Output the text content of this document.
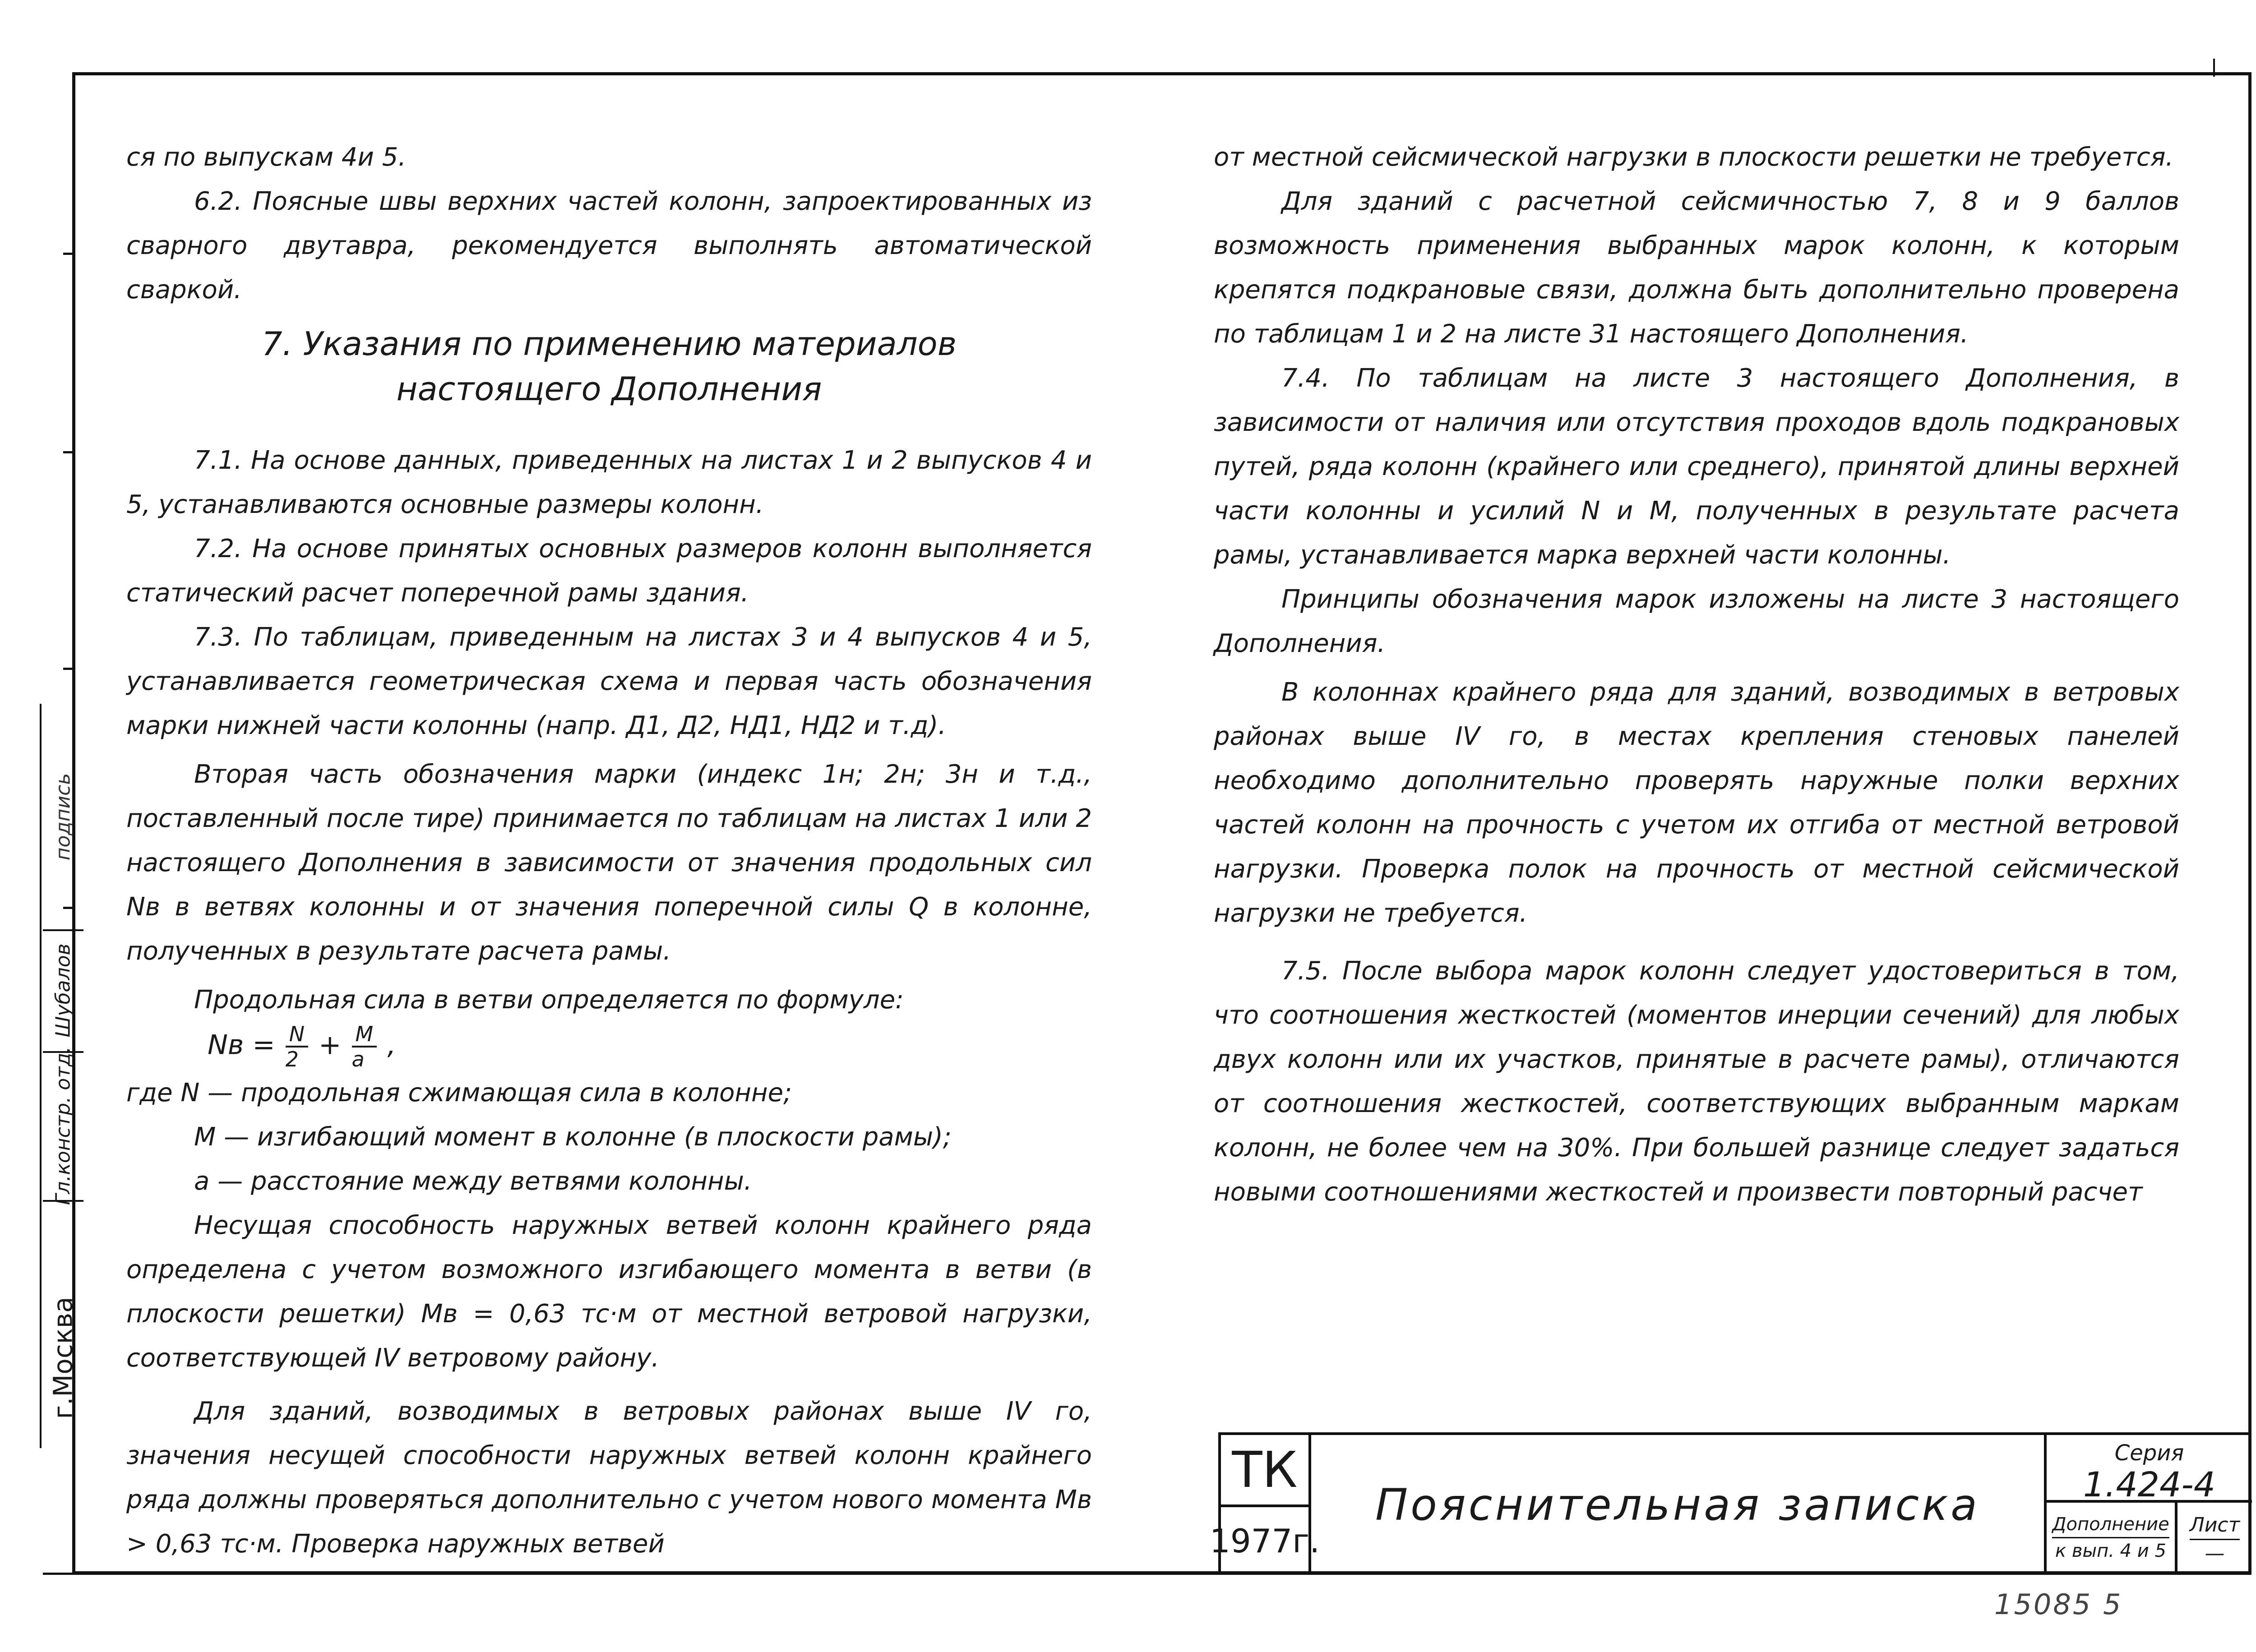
ся по выпускам 4и 5.

6.2. Поясные швы верхних частей колонн, запроектированных из сварного двутавра, рекомендуется выполнять автоматической сваркой.

7. Указания по применению материалов
настоящего Дополнения

7.1. На основе данных, приведенных на листах 1 и 2 выпусков 4 и 5, устанавливаются основные размеры колонн.

7.2. На основе принятых основных размеров колонн выполняется статический расчет поперечной рамы здания.

7.3. По таблицам, приведенным на листах 3 и 4 выпусков 4 и 5, устанавливается геометрическая схема и первая часть обозначения марки нижней части колонны (напр. Д1, Д2, НД1, НД2 и т.д).

Вторая часть обозначения марки (индекс 1н; 2н; 3н и т.д., поставленный после тире) принимается по таблицам на листах 1 или 2 настоящего Дополнения в зависимости от значения продольных сил Nв в ветвях колонны и от значения поперечной силы Q в колонне, полученных в результате расчета рамы.

Продольная сила в ветви определяется по формуле:

Nв = $\frac{N}{2} + \frac{M}{a}$ ,

где N — продольная сжимающая сила в колонне;

M — изгибающий момент в колонне (в плоскости рамы);

a — расстояние между ветвями колонны.

Несущая способность наружных ветвей колонн крайнего ряда определена с учетом возможного изгибающего момента в ветви (в плоскости решетки) Мв = 0,63 тс·м от местной ветровой нагрузки, соответствующей IV ветровому району.

Для зданий, возводимых в ветровых районах выше IV го, значения несущей способности наружных ветвей колонн крайнего ряда должны проверяться дополнительно с учетом нового момента Мв > 0,63 тс·м. Проверка наружных ветвей

от местной сейсмической нагрузки в плоскости решетки не требуется.

Для зданий с расчетной сейсмичностью 7, 8 и 9 баллов возможность применения выбранных марок колонн, к которым крепятся подкрановые связи, должна быть дополнительно проверена по таблицам 1 и 2 на листе 31 настоящего Дополнения.

7.4. По таблицам на листе 3 настоящего Дополнения, в зависимости от наличия или отсутствия проходов вдоль подкрановых путей, ряда колонн (крайнего или среднего), принятой длины верхней части колонны и усилий N и M, полученных в результате расчета рамы, устанавливается марка верхней части колонны.

Принципы обозначения марок изложены на листе 3 настоящего Дополнения.

В колоннах крайнего ряда для зданий, возводимых в ветровых районах выше IV го, в местах крепления стеновых панелей необходимо дополнительно проверять наружные полки верхних частей колонн на прочность с учетом их отгиба от местной ветровой нагрузки. Проверка полок на прочность от местной сейсмической нагрузки не требуется.

7.5. После выбора марок колонн следует удостовериться в том, что соотношения жесткостей (моментов инерции сечений) для любых двух колонн или их участков, принятые в расчете рамы), отличаются от соотношения жесткостей, соответствующих выбранным маркам колонн, не более чем на 30%. При большей разнице следует задаться новыми соотношениями жесткостей и произвести повторный расчет

подпись
Шубалов
Гл.констр. отд.
г.Москва
ТК
1977г.
Пояснительная записка
Серия
1.424-4
Дополнение
к вып. 4 и 5
Лист
—
15085 5
